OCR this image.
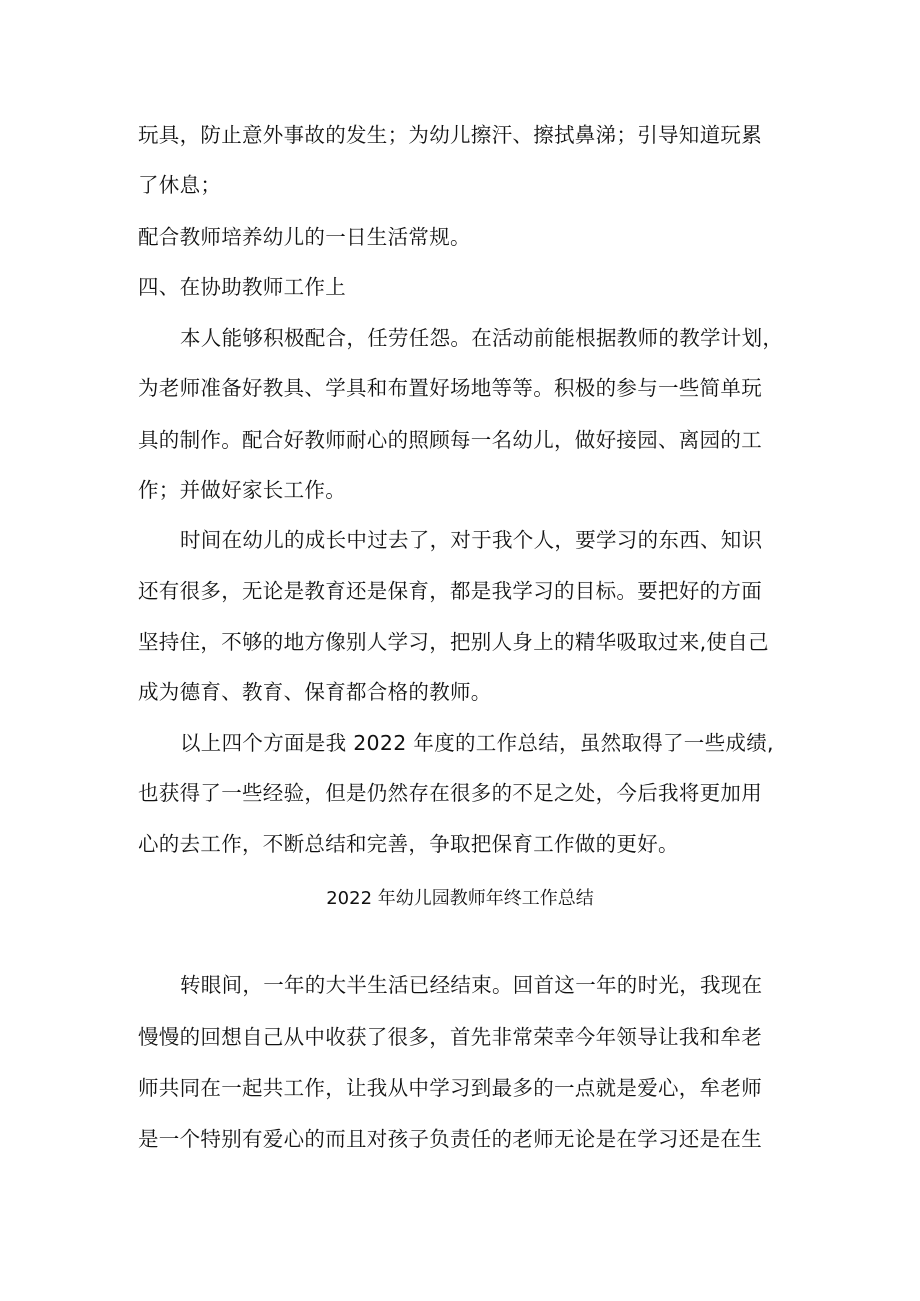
玩具，防止意外事故的发生；为幼儿擦汗、擦拭鼻涕；引导知道玩累
了休息；
配合教师培养幼儿的一日生活常规。
四、在协助教师工作上
本人能够积极配合，任劳任怨。在活动前能根据教师的教学计划，
为老师准备好教具、学具和布置好场地等等。积极的参与一些简单玩
具的制作。配合好教师耐心的照顾每一名幼儿，做好接园、离园的工
作；并做好家长工作。
时间在幼儿的成长中过去了，对于我个人，要学习的东西、知识
还有很多，无论是教育还是保育，都是我学习的目标。要把好的方面
坚持住，不够的地方像别人学习，把别人身上的精华吸取过来,使自己
成为德育、教育、保育都合格的教师。
以上四个方面是我 2022 年度的工作总结，虽然取得了一些成绩,
也获得了一些经验，但是仍然存在很多的不足之处，今后我将更加用
心的去工作，不断总结和完善，争取把保育工作做的更好。
2022 年幼儿园教师年终工作总结
转眼间，一年的大半生活已经结束。回首这一年的时光，我现在
慢慢的回想自己从中收获了很多，首先非常荣幸今年领导让我和牟老
师共同在一起共工作，让我从中学习到最多的一点就是爱心，牟老师
是一个特别有爱心的而且对孩子负责任的老师无论是在学习还是在生
